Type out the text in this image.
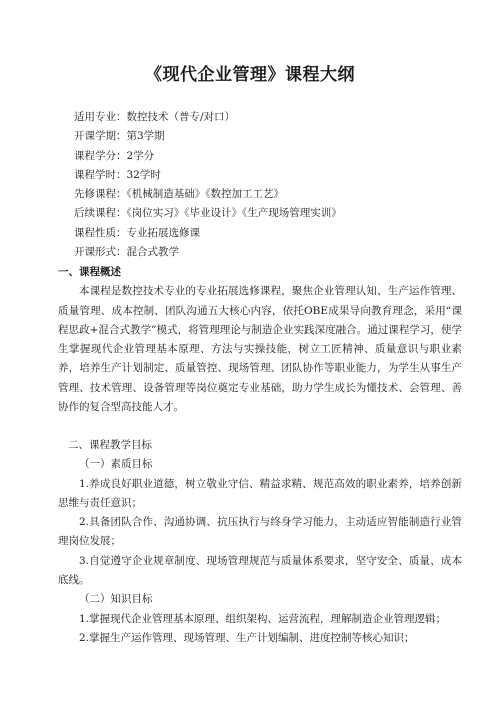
《现代企业管理》课程大纲
适用专业：数控技术（普专/对口）
开课学期：第3学期
课程学分：2学分
课程学时：32学时
先修课程：《机械制造基础》《数控加工工艺》
后续课程：《岗位实习》《毕业设计》《生产现场管理实训》
课程性质：专业拓展选修课
开课形式：混合式教学
一、课程概述
本课程是数控技术专业的专业拓展选修课程，聚焦企业管理认知、生产运作管理、质量管理、成本控制、团队沟通五大核心内容，依托OBE成果导向教育理念，采用“课程思政+混合式教学”模式，将管理理论与制造企业实践深度融合。通过课程学习，使学生掌握现代企业管理基本原理、方法与实操技能，树立工匠精神、质量意识与职业素养，培养生产计划制定、质量管控、现场管理、团队协作等职业能力，为学生从事生产管理、技术管理、设备管理等岗位奠定专业基础，助力学生成长为懂技术、会管理、善协作的复合型高技能人才。
二、课程教学目标
（一）素质目标
1.养成良好职业道德，树立敬业守信、精益求精、规范高效的职业素养，培养创新思维与责任意识；
2.具备团队合作、沟通协调、抗压执行与终身学习能力，主动适应智能制造行业管理岗位发展；
3.自觉遵守企业规章制度、现场管理规范与质量体系要求，坚守安全、质量、成本底线。
（二）知识目标
1.掌握现代企业管理基本原理、组织架构、运营流程，理解制造企业管理逻辑；
2.掌握生产运作管理、现场管理、生产计划编制、进度控制等核心知识；
